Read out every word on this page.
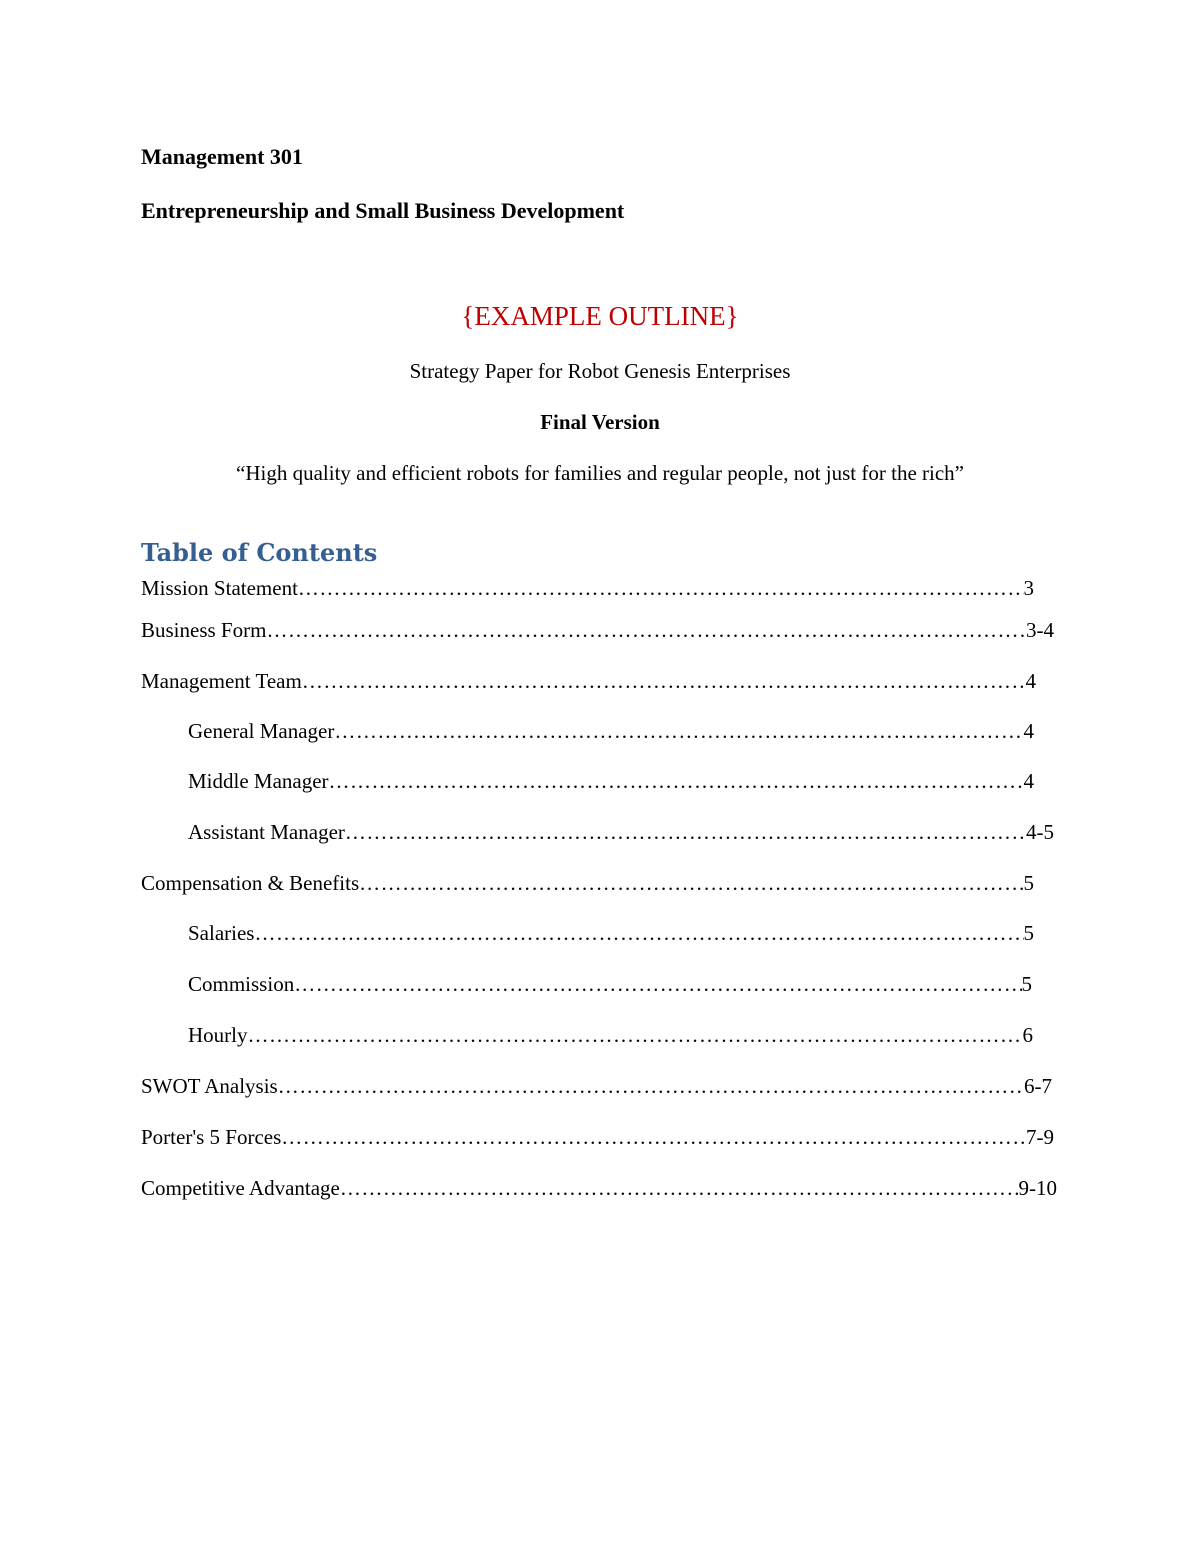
Management 301
Entrepreneurship and Small Business Development
{EXAMPLE OUTLINE}
Strategy Paper for Robot Genesis Enterprises
Final Version
“High quality and efficient robots for families and regular people, not just for the rich”
Table of Contents
Mission Statement ………………………………………………………………………………………………………………………………………………………………………………	3
Business Form ………………………………………………………………………………………………………………………………………………………………………………	3-4
Management Team ………………………………………………………………………………………………………………………………………………………………………………	4
General Manager ………………………………………………………………………………………………………………………………………………………………………………	4
Middle Manager ………………………………………………………………………………………………………………………………………………………………………………	4
Assistant Manager ………………………………………………………………………………………………………………………………………………………………………………	4-5
Compensation & Benefits ………………………………………………………………………………………………………………………………………………………………………………	5
Salaries ………………………………………………………………………………………………………………………………………………………………………………	5
Commission ………………………………………………………………………………………………………………………………………………………………………………	5
Hourly ………………………………………………………………………………………………………………………………………………………………………………	6
SWOT Analysis ………………………………………………………………………………………………………………………………………………………………………………	6-7
Porter's 5 Forces ………………………………………………………………………………………………………………………………………………………………………………	7-9
Competitive Advantage ………………………………………………………………………………………………………………………………………………………………………………	9-10
